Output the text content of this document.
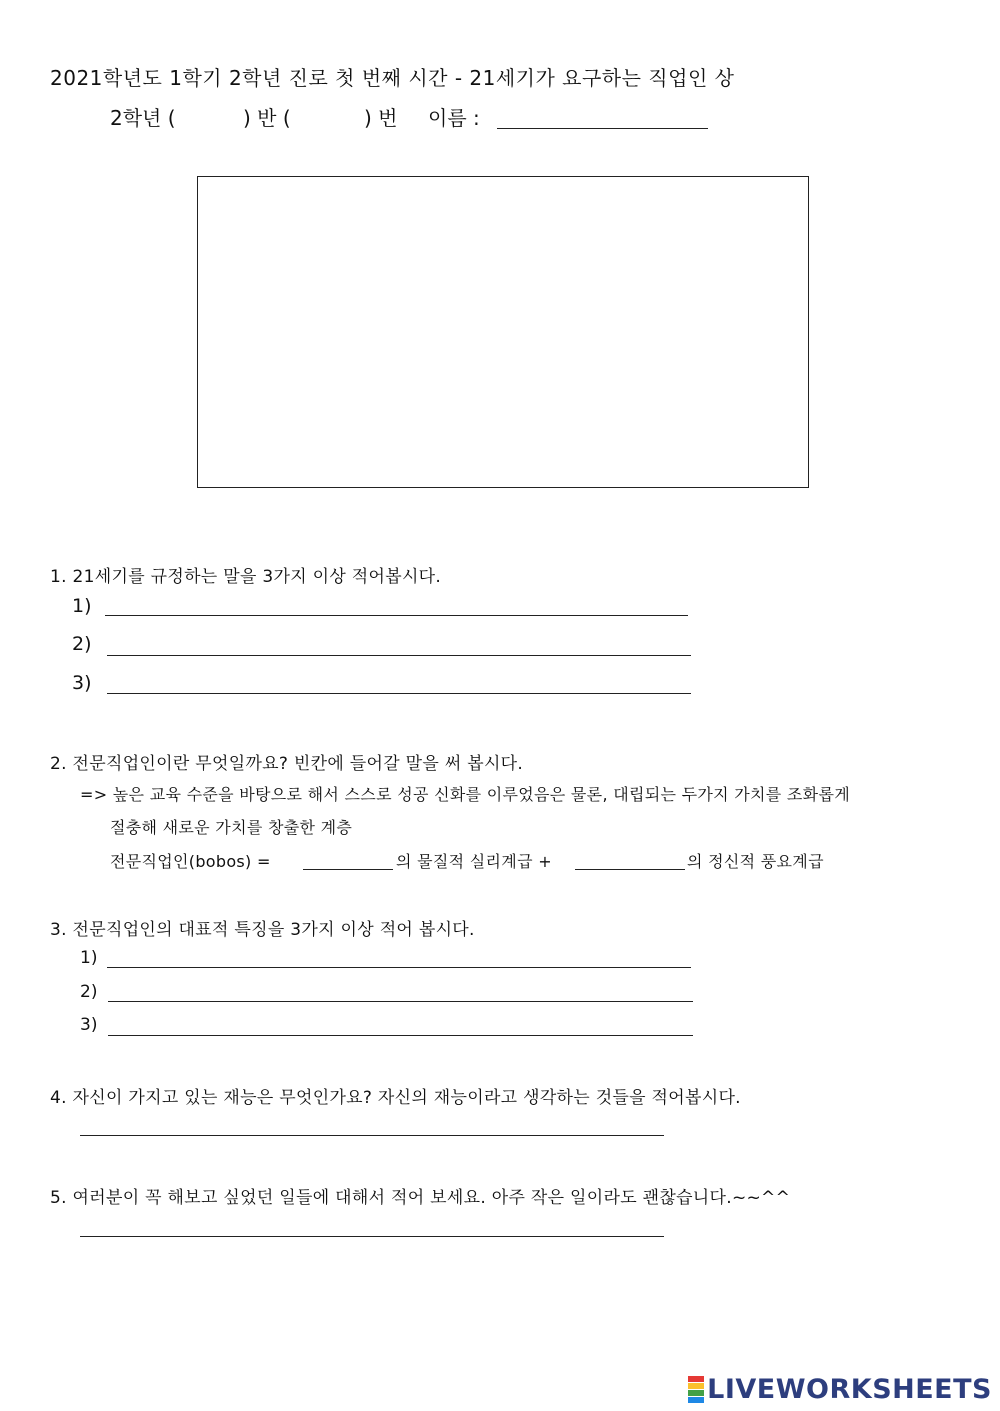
2021학년도 1학기 2학년 진로 첫 번째 시간 - 21세기가 요구하는 직업인 상
2학년 (	) 반 (	) 번 이름 :
1. 21세기를 규정하는 말을 3가지 이상 적어봅시다.
1)
2)
3)
2. 전문직업인이란 무엇일까요? 빈칸에 들어갈 말을 써 봅시다.
=> 높은 교육 수준을 바탕으로 해서 스스로 성공 신화를 이루었음은 물론, 대립되는 두가지 가치를 조화롭게
절충해 새로운 가치를 창출한 계층
전문직업인(bobos) =	의 물질적 실리계급 +	의 정신적 풍요계급
3. 전문직업인의 대표적 특징을 3가지 이상 적어 봅시다.
1)
2)
3)
4. 자신이 가지고 있는 재능은 무엇인가요? 자신의 재능이라고 생각하는 것들을 적어봅시다.
5. 여러분이 꼭 해보고 싶었던 일들에 대해서 적어 보세요. 아주 작은 일이라도 괜찮습니다.~~^^
LIVEWORKSHEETS
